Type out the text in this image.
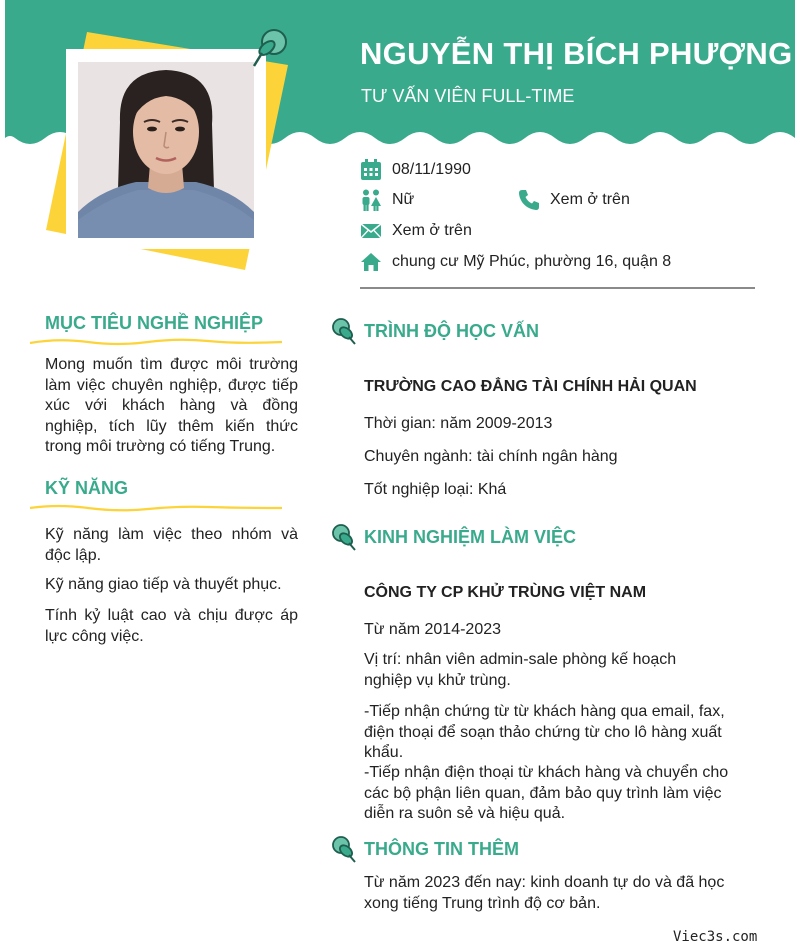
NGUYỄN THỊ BÍCH PHƯỢNG
TƯ VẤN VIÊN FULL-TIME
08/11/1990
Nữ	Xem ở trên
Xem ở trên
chung cư Mỹ Phúc, phường 16, quận 8
MỤC TIÊU NGHỀ NGHIỆP
Mong muốn tìm được môi trường làm việc chuyên nghiệp, được tiếp xúc với khách hàng và đồng nghiệp, tích lũy thêm kiến thức trong môi trường có tiếng Trung.
KỸ NĂNG
Kỹ năng làm việc theo nhóm và độc lập.
Kỹ năng giao tiếp và thuyết phục.
Tính kỷ luật cao và chịu được áp lực công việc.
TRÌNH ĐỘ HỌC VẤN
TRƯỜNG CAO ĐẲNG TÀI CHÍNH HẢI QUAN
Thời gian: năm 2009-2013
Chuyên ngành: tài chính ngân hàng
Tốt nghiệp loại: Khá
KINH NGHIỆM LÀM VIỆC
CÔNG TY CP KHỬ TRÙNG VIỆT NAM
Từ năm 2014-2023
Vị trí: nhân viên admin-sale phòng kế hoạch nghiệp vụ khử trùng.
-Tiếp nhận chứng từ từ khách hàng qua email, fax, điện thoại để soạn thảo chứng từ cho lô hàng xuất khẩu.
-Tiếp nhận điện thoại từ khách hàng và chuyển cho các bộ phận liên quan, đảm bảo quy trình làm việc diễn ra suôn sẻ và hiệu quả.
THÔNG TIN THÊM
Từ năm 2023 đến nay: kinh doanh tự do và đã học xong tiếng Trung trình độ cơ bản.
Viec3s.com
